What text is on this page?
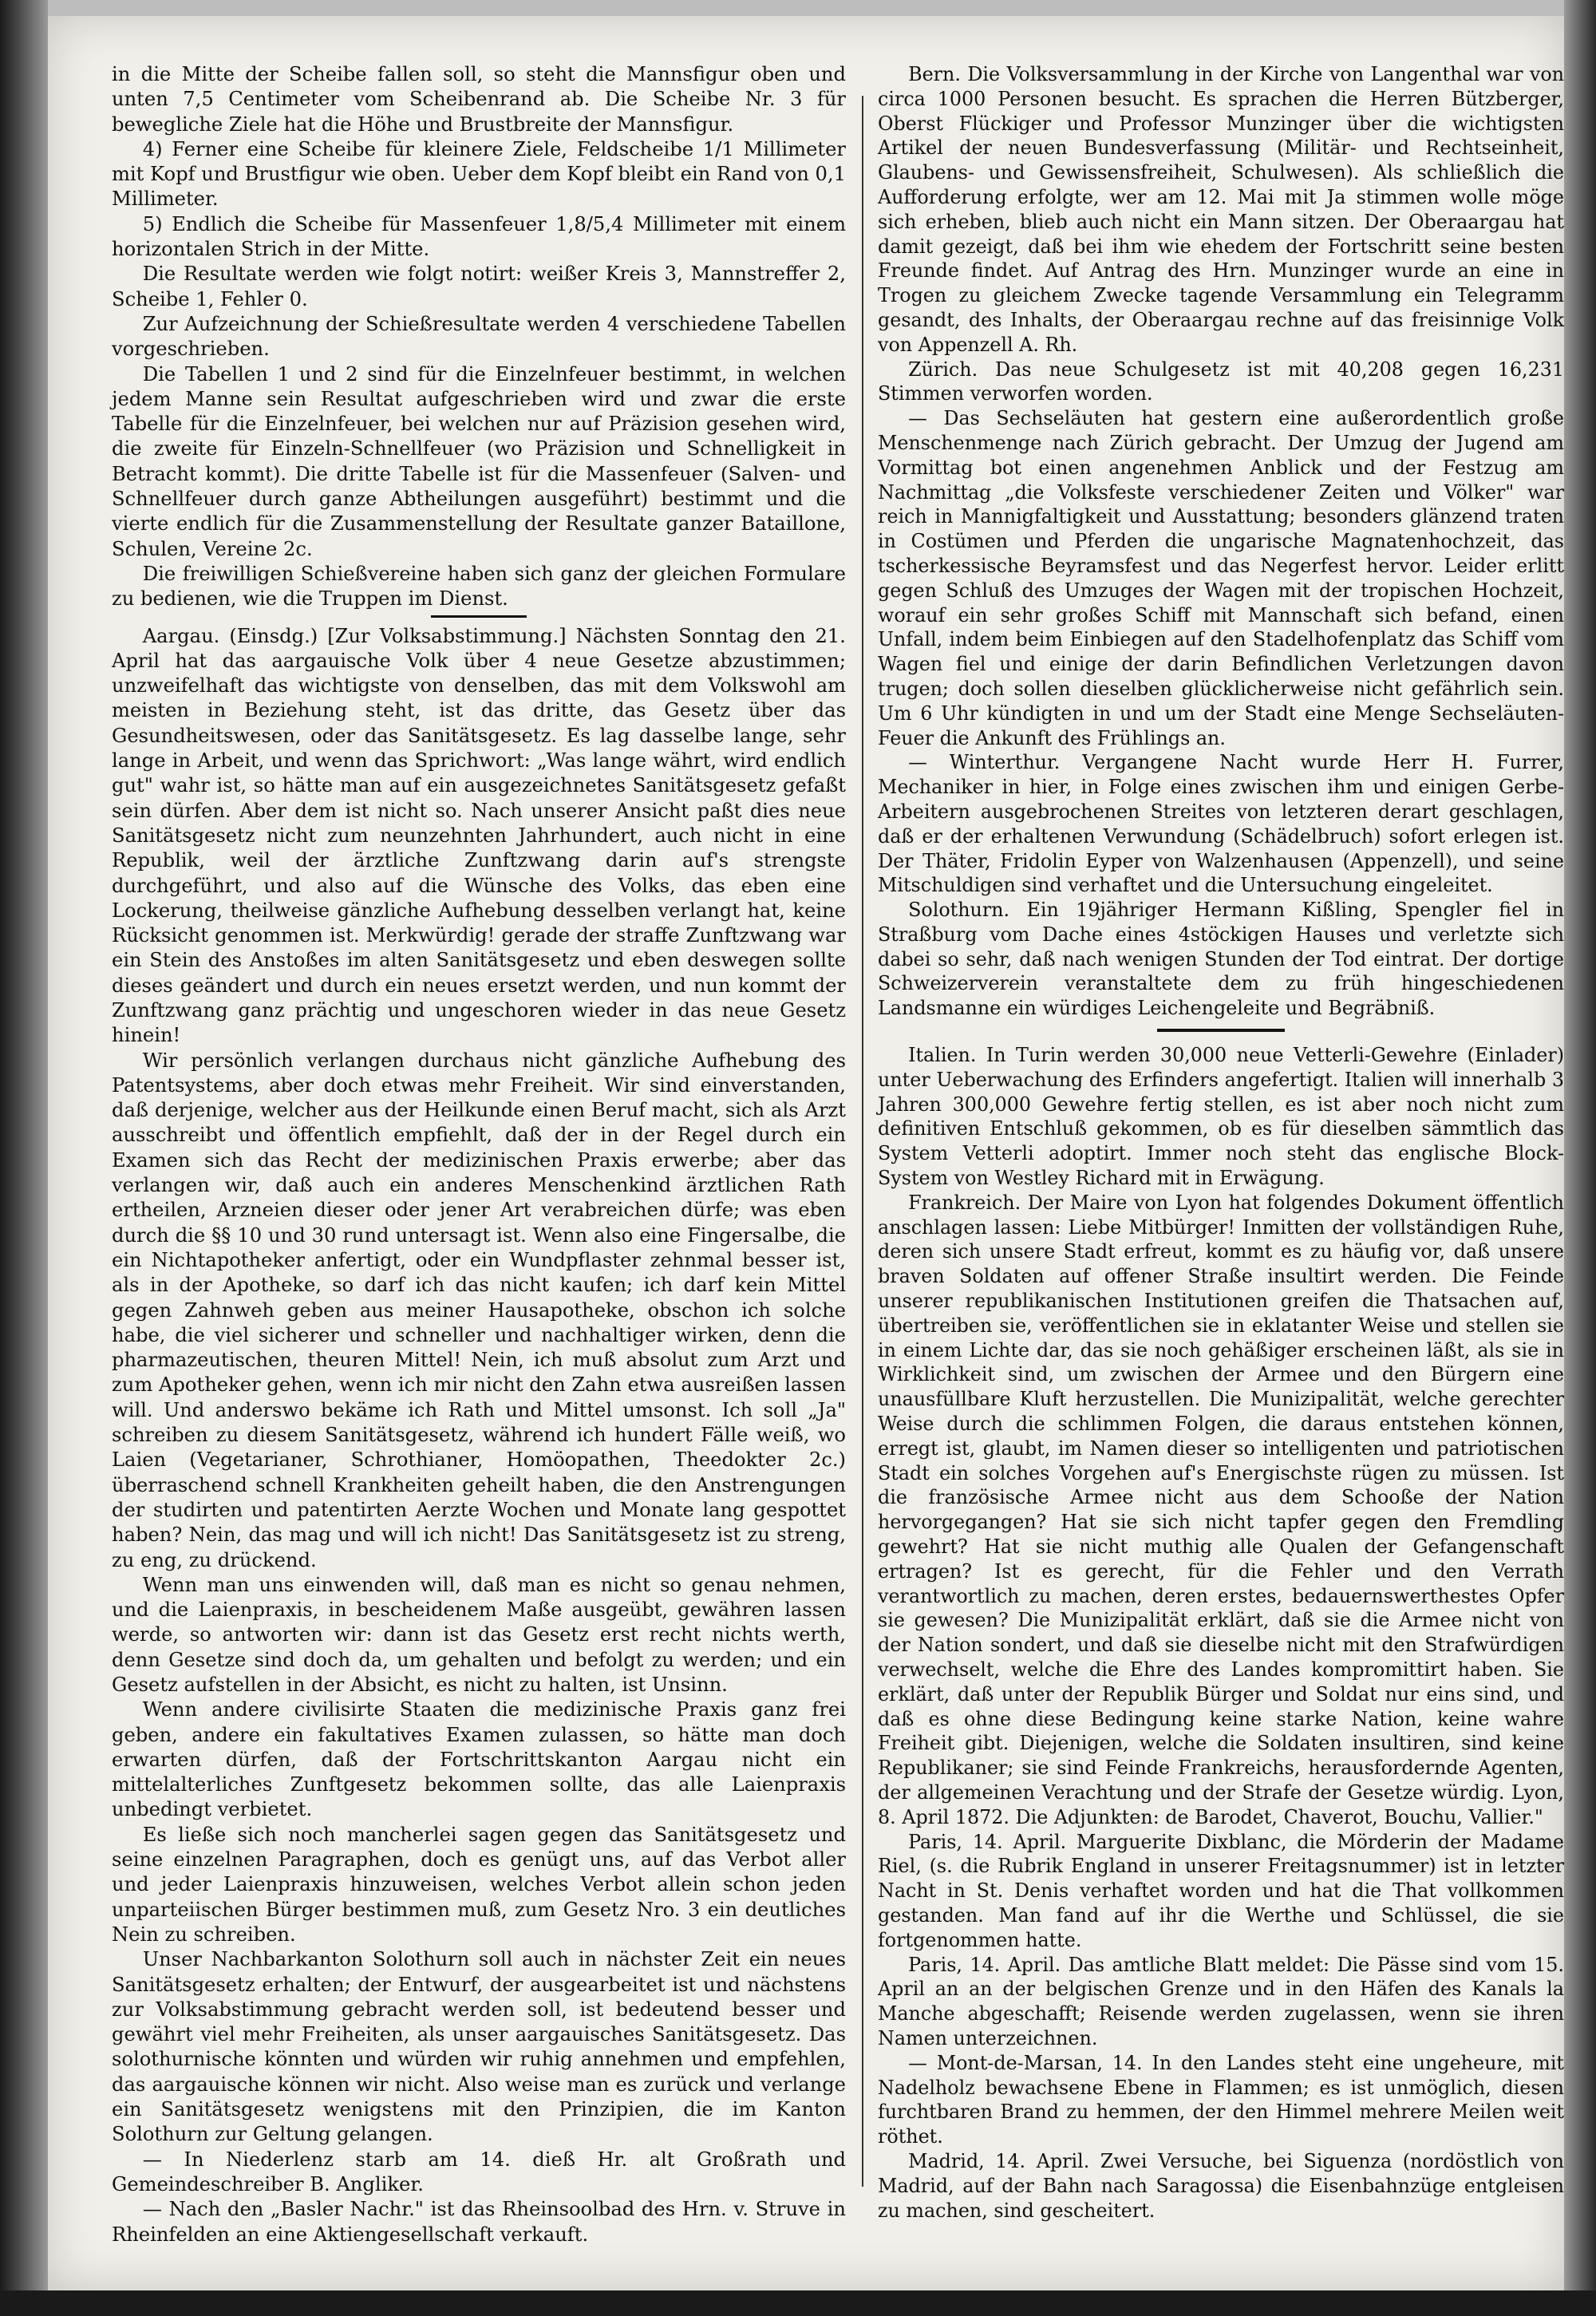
in die Mitte der Scheibe fallen soll, so steht die Mannsfigur oben und unten 7,5 Centimeter vom Scheibenrand ab. Die Scheibe Nr. 3 für bewegliche Ziele hat die Höhe und Brustbreite der Mannsfigur.

4) Ferner eine Scheibe für kleinere Ziele, Feldscheibe 1/1 Millimeter mit Kopf und Brustfigur wie oben. Ueber dem Kopf bleibt ein Rand von 0,1 Millimeter.

5) Endlich die Scheibe für Massenfeuer 1,8/5,4 Millimeter mit einem horizontalen Strich in der Mitte.

Die Resultate werden wie folgt notirt: weißer Kreis 3, Mannstreffer 2, Scheibe 1, Fehler 0.

Zur Aufzeichnung der Schießresultate werden 4 verschiedene Tabellen vorgeschrieben.

Die Tabellen 1 und 2 sind für die Einzelnfeuer bestimmt, in welchen jedem Manne sein Resultat aufgeschrieben wird und zwar die erste Tabelle für die Einzelnfeuer, bei welchen nur auf Präzision gesehen wird, die zweite für Einzeln-Schnellfeuer (wo Präzision und Schnelligkeit in Betracht kommt). Die dritte Tabelle ist für die Massenfeuer (Salven- und Schnellfeuer durch ganze Abtheilungen ausgeführt) bestimmt und die vierte endlich für die Zusammenstellung der Resultate ganzer Bataillone, Schulen, Vereine 2c.

Die freiwilligen Schießvereine haben sich ganz der gleichen Formulare zu bedienen, wie die Truppen im Dienst.

Aargau. (Einsdg.) [Zur Volksabstimmung.] Nächsten Sonntag den 21. April hat das aargauische Volk über 4 neue Gesetze abzustimmen; unzweifelhaft das wichtigste von denselben, das mit dem Volkswohl am meisten in Beziehung steht, ist das dritte, das Gesetz über das Gesundheitswesen, oder das Sanitätsgesetz. Es lag dasselbe lange, sehr lange in Arbeit, und wenn das Sprichwort: „Was lange währt, wird endlich gut" wahr ist, so hätte man auf ein ausgezeichnetes Sanitätsgesetz gefaßt sein dürfen. Aber dem ist nicht so. Nach unserer Ansicht paßt dies neue Sanitätsgesetz nicht zum neunzehnten Jahrhundert, auch nicht in eine Republik, weil der ärztliche Zunftzwang darin auf's strengste durchgeführt, und also auf die Wünsche des Volks, das eben eine Lockerung, theilweise gänzliche Aufhebung desselben verlangt hat, keine Rücksicht genommen ist. Merkwürdig! gerade der straffe Zunftzwang war ein Stein des Anstoßes im alten Sanitätsgesetz und eben deswegen sollte dieses geändert und durch ein neues ersetzt werden, und nun kommt der Zunftzwang ganz prächtig und ungeschoren wieder in das neue Gesetz hinein!

Wir persönlich verlangen durchaus nicht gänzliche Aufhebung des Patentsystems, aber doch etwas mehr Freiheit. Wir sind einverstanden, daß derjenige, welcher aus der Heilkunde einen Beruf macht, sich als Arzt ausschreibt und öffentlich empfiehlt, daß der in der Regel durch ein Examen sich das Recht der medizinischen Praxis erwerbe; aber das verlangen wir, daß auch ein anderes Menschenkind ärztlichen Rath ertheilen, Arzneien dieser oder jener Art verabreichen dürfe; was eben durch die §§ 10 und 30 rund untersagt ist. Wenn also eine Fingersalbe, die ein Nichtapotheker anfertigt, oder ein Wundpflaster zehnmal besser ist, als in der Apotheke, so darf ich das nicht kaufen; ich darf kein Mittel gegen Zahnweh geben aus meiner Hausapotheke, obschon ich solche habe, die viel sicherer und schneller und nachhaltiger wirken, denn die pharmazeutischen, theuren Mittel! Nein, ich muß absolut zum Arzt und zum Apotheker gehen, wenn ich mir nicht den Zahn etwa ausreißen lassen will. Und anderswo bekäme ich Rath und Mittel umsonst. Ich soll „Ja" schreiben zu diesem Sanitätsgesetz, während ich hundert Fälle weiß, wo Laien (Vegetarianer, Schrothianer, Homöopathen, Theedokter 2c.) überraschend schnell Krankheiten geheilt haben, die den Anstrengungen der studirten und patentirten Aerzte Wochen und Monate lang gespottet haben? Nein, das mag und will ich nicht! Das Sanitätsgesetz ist zu streng, zu eng, zu drückend.

Wenn man uns einwenden will, daß man es nicht so genau nehmen, und die Laienpraxis, in bescheidenem Maße ausgeübt, gewähren lassen werde, so antworten wir: dann ist das Gesetz erst recht nichts werth, denn Gesetze sind doch da, um gehalten und befolgt zu werden; und ein Gesetz aufstellen in der Absicht, es nicht zu halten, ist Unsinn.

Wenn andere civilisirte Staaten die medizinische Praxis ganz frei geben, andere ein fakultatives Examen zulassen, so hätte man doch erwarten dürfen, daß der Fortschrittskanton Aargau nicht ein mittelalterliches Zunftgesetz bekommen sollte, das alle Laienpraxis unbedingt verbietet.

Es ließe sich noch mancherlei sagen gegen das Sanitätsgesetz und seine einzelnen Paragraphen, doch es genügt uns, auf das Verbot aller und jeder Laienpraxis hinzuweisen, welches Verbot allein schon jeden unparteiischen Bürger bestimmen muß, zum Gesetz Nro. 3 ein deutliches Nein zu schreiben.

Unser Nachbarkanton Solothurn soll auch in nächster Zeit ein neues Sanitätsgesetz erhalten; der Entwurf, der ausgearbeitet ist und nächstens zur Volksabstimmung gebracht werden soll, ist bedeutend besser und gewährt viel mehr Freiheiten, als unser aargauisches Sanitätsgesetz. Das solothurnische könnten und würden wir ruhig annehmen und empfehlen, das aargauische können wir nicht. Also weise man es zurück und verlange ein Sanitätsgesetz wenigstens mit den Prinzipien, die im Kanton Solothurn zur Geltung gelangen.

— In Niederlenz starb am 14. dieß Hr. alt Großrath und Gemeindeschreiber B. Angliker.

— Nach den „Basler Nachr." ist das Rheinsoolbad des Hrn. v. Struve in Rheinfelden an eine Aktiengesellschaft verkauft.

Bern. Die Volksversammlung in der Kirche von Langenthal war von circa 1000 Personen besucht. Es sprachen die Herren Bützberger, Oberst Flückiger und Professor Munzinger über die wichtigsten Artikel der neuen Bundesverfassung (Militär- und Rechtseinheit, Glaubens- und Gewissensfreiheit, Schulwesen). Als schließlich die Aufforderung erfolgte, wer am 12. Mai mit Ja stimmen wolle möge sich erheben, blieb auch nicht ein Mann sitzen. Der Oberaargau hat damit gezeigt, daß bei ihm wie ehedem der Fortschritt seine besten Freunde findet. Auf Antrag des Hrn. Munzinger wurde an eine in Trogen zu gleichem Zwecke tagende Versammlung ein Telegramm gesandt, des Inhalts, der Oberaargau rechne auf das freisinnige Volk von Appenzell A. Rh.

Zürich. Das neue Schulgesetz ist mit 40,208 gegen 16,231 Stimmen verworfen worden.

— Das Sechseläuten hat gestern eine außerordentlich große Menschenmenge nach Zürich gebracht. Der Umzug der Jugend am Vormittag bot einen angenehmen Anblick und der Festzug am Nachmittag „die Volksfeste verschiedener Zeiten und Völker" war reich in Mannigfaltigkeit und Ausstattung; besonders glänzend traten in Costümen und Pferden die ungarische Magnatenhochzeit, das tscherkessische Beyramsfest und das Negerfest hervor. Leider erlitt gegen Schluß des Umzuges der Wagen mit der tropischen Hochzeit, worauf ein sehr großes Schiff mit Mannschaft sich befand, einen Unfall, indem beim Einbiegen auf den Stadelhofenplatz das Schiff vom Wagen fiel und einige der darin Befindlichen Verletzungen davon trugen; doch sollen dieselben glücklicherweise nicht gefährlich sein. Um 6 Uhr kündigten in und um der Stadt eine Menge Sechseläuten-Feuer die Ankunft des Frühlings an.

— Winterthur. Vergangene Nacht wurde Herr H. Furrer, Mechaniker in hier, in Folge eines zwischen ihm und einigen Gerbe-Arbeitern ausgebrochenen Streites von letzteren derart geschlagen, daß er der erhaltenen Verwundung (Schädelbruch) sofort erlegen ist. Der Thäter, Fridolin Eyper von Walzenhausen (Appenzell), und seine Mitschuldigen sind verhaftet und die Untersuchung eingeleitet.

Solothurn. Ein 19jähriger Hermann Kißling, Spengler fiel in Straßburg vom Dache eines 4stöckigen Hauses und verletzte sich dabei so sehr, daß nach wenigen Stunden der Tod eintrat. Der dortige Schweizerverein veranstaltete dem zu früh hingeschiedenen Landsmanne ein würdiges Leichengeleite und Begräbniß.

Italien. In Turin werden 30,000 neue Vetterli-Gewehre (Einlader) unter Ueberwachung des Erfinders angefertigt. Italien will innerhalb 3 Jahren 300,000 Gewehre fertig stellen, es ist aber noch nicht zum definitiven Entschluß gekommen, ob es für dieselben sämmtlich das System Vetterli adoptirt. Immer noch steht das englische Block-System von Westley Richard mit in Erwägung.

Frankreich. Der Maire von Lyon hat folgendes Dokument öffentlich anschlagen lassen: Liebe Mitbürger! Inmitten der vollständigen Ruhe, deren sich unsere Stadt erfreut, kommt es zu häufig vor, daß unsere braven Soldaten auf offener Straße insultirt werden. Die Feinde unserer republikanischen Institutionen greifen die Thatsachen auf, übertreiben sie, veröffentlichen sie in eklatanter Weise und stellen sie in einem Lichte dar, das sie noch gehäßiger erscheinen läßt, als sie in Wirklichkeit sind, um zwischen der Armee und den Bürgern eine unausfüllbare Kluft herzustellen. Die Munizipalität, welche gerechter Weise durch die schlimmen Folgen, die daraus entstehen können, erregt ist, glaubt, im Namen dieser so intelligenten und patriotischen Stadt ein solches Vorgehen auf's Energischste rügen zu müssen. Ist die französische Armee nicht aus dem Schooße der Nation hervorgegangen? Hat sie sich nicht tapfer gegen den Fremdling gewehrt? Hat sie nicht muthig alle Qualen der Gefangenschaft ertragen? Ist es gerecht, für die Fehler und den Verrath verantwortlich zu machen, deren erstes, bedauernswerthestes Opfer sie gewesen? Die Munizipalität erklärt, daß sie die Armee nicht von der Nation sondert, und daß sie dieselbe nicht mit den Strafwürdigen verwechselt, welche die Ehre des Landes kompromittirt haben. Sie erklärt, daß unter der Republik Bürger und Soldat nur eins sind, und daß es ohne diese Bedingung keine starke Nation, keine wahre Freiheit gibt. Diejenigen, welche die Soldaten insultiren, sind keine Republikaner; sie sind Feinde Frankreichs, herausfordernde Agenten, der allgemeinen Verachtung und der Strafe der Gesetze würdig. Lyon, 8. April 1872. Die Adjunkten: de Barodet, Chaverot, Bouchu, Vallier."

Paris, 14. April. Marguerite Dixblanc, die Mörderin der Madame Riel, (s. die Rubrik England in unserer Freitagsnummer) ist in letzter Nacht in St. Denis verhaftet worden und hat die That vollkommen gestanden. Man fand auf ihr die Werthe und Schlüssel, die sie fortgenommen hatte.

Paris, 14. April. Das amtliche Blatt meldet: Die Pässe sind vom 15. April an an der belgischen Grenze und in den Häfen des Kanals la Manche abgeschafft; Reisende werden zugelassen, wenn sie ihren Namen unterzeichnen.

— Mont-de-Marsan, 14. In den Landes steht eine ungeheure, mit Nadelholz bewachsene Ebene in Flammen; es ist unmöglich, diesen furchtbaren Brand zu hemmen, der den Himmel mehrere Meilen weit röthet.

Madrid, 14. April. Zwei Versuche, bei Siguenza (nordöstlich von Madrid, auf der Bahn nach Saragossa) die Eisenbahnzüge entgleisen zu machen, sind gescheitert.
